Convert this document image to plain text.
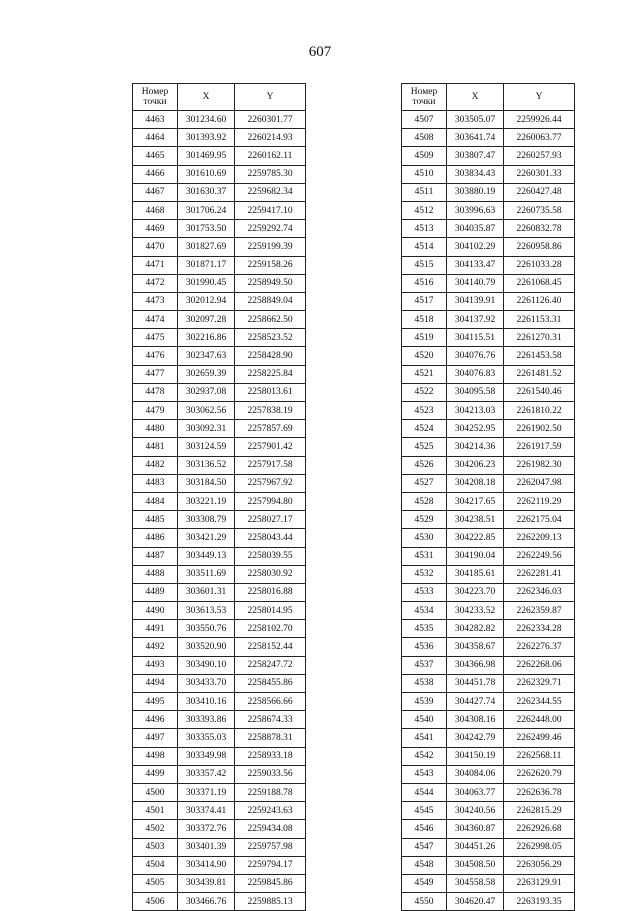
607
Номер
точки	X	Y
4463	301234.60	2260301.77
4464	301393.92	2260214.93
4465	301469.95	2260162.11
4466	301610.69	2259785.30
4467	301630.37	2259682.34
4468	301706.24	2259417.10
4469	301753.50	2259292.74
4470	301827.69	2259199.39
4471	301871.17	2259158.26
4472	301990.45	2258949.50
4473	302012.94	2258849.04
4474	302097.28	2258662.50
4475	302216.86	2258523.52
4476	302347.63	2258428.90
4477	302659.39	2258225.84
4478	302937.08	2258013.61
4479	303062.56	2257838.19
4480	303092.31	2257857.69
4481	303124.59	2257901.42
4482	303136.52	2257917.58
4483	303184.50	2257967.92
4484	303221.19	2257994.80
4485	303308.79	2258027.17
4486	303421.29	2258043.44
4487	303449.13	2258039.55
4488	303511.69	2258030.92
4489	303601.31	2258016.88
4490	303613.53	2258014.95
4491	303550.76	2258102.70
4492	303520.90	2258152.44
4493	303490.10	2258247.72
4494	303433.70	2258455.86
4495	303410.16	2258566.66
4496	303393.86	2258674.33
4497	303355.03	2258878.31
4498	303349.98	2258933.18
4499	303357.42	2259033.56
4500	303371.19	2259188.78
4501	303374.41	2259243.63
4502	303372.76	2259434.08
4503	303401.39	2259757.98
4504	303414.90	2259794.17
4505	303439.81	2259845.86
4506	303466.76	2259885.13
Номер
точки	X	Y
4507	303505.07	2259926.44
4508	303641.74	2260063.77
4509	303807.47	2260257.93
4510	303834.43	2260301.33
4511	303880.19	2260427.48
4512	303996.63	2260735.58
4513	304035.87	2260832.78
4514	304102.29	2260958.86
4515	304133.47	2261033.28
4516	304140.79	2261068.45
4517	304139.91	2261126.40
4518	304137.92	2261153.31
4519	304115.51	2261270.31
4520	304076.76	2261453.58
4521	304076.83	2261481.52
4522	304095.58	2261540.46
4523	304213.03	2261810.22
4524	304252.95	2261902.50
4525	304214.36	2261917.59
4526	304206.23	2261982.30
4527	304208.18	2262047.98
4528	304217.65	2262119.29
4529	304238.51	2262175.04
4530	304222.85	2262209.13
4531	304190.04	2262249.56
4532	304185.61	2262281.41
4533	304223.70	2262346.03
4534	304233.52	2262359.87
4535	304282.82	2262334.28
4536	304358.67	2262276.37
4537	304366.98	2262268.06
4538	304451.78	2262329.71
4539	304427.74	2262344.55
4540	304308.16	2262448.00
4541	304242.79	2262499.46
4542	304150.19	2262568.11
4543	304084.06	2262620.79
4544	304063.77	2262636.78
4545	304240.56	2262815.29
4546	304360.87	2262926.68
4547	304451.26	2262998.05
4548	304508.50	2263056.29
4549	304558.58	2263129.91
4550	304620.47	2263193.35
